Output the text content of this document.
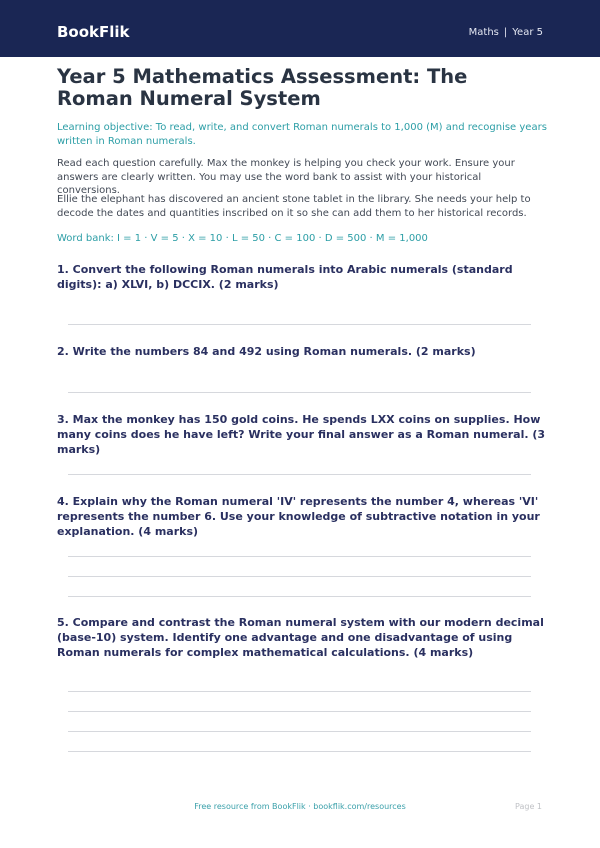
BookFlik	Maths | Year 5
Year 5 Mathematics Assessment: The Roman Numeral System

Learning objective: To read, write, and convert Roman numerals to 1,000 (M) and recognise years written in Roman numerals.

Read each question carefully. Max the monkey is helping you check your work. Ensure your answers are clearly written. You may use the word bank to assist with your historical conversions.

Ellie the elephant has discovered an ancient stone tablet in the library. She needs your help to decode the dates and quantities inscribed on it so she can add them to her historical records.

Word bank: I = 1 · V = 5 · X = 10 · L = 50 · C = 100 · D = 500 · M = 1,000

1. Convert the following Roman numerals into Arabic numerals (standard digits): a) XLVI, b) DCCIX. (2 marks)

2. Write the numbers 84 and 492 using Roman numerals. (2 marks)

3. Max the monkey has 150 gold coins. He spends LXX coins on supplies. How many coins does he have left? Write your final answer as a Roman numeral. (3 marks)

4. Explain why the Roman numeral 'IV' represents the number 4, whereas 'VI' represents the number 6. Use your knowledge of subtractive notation in your explanation. (4 marks)

5. Compare and contrast the Roman numeral system with our modern decimal (base-10) system. Identify one advantage and one disadvantage of using Roman numerals for complex mathematical calculations. (4 marks)

Free resource from BookFlik · bookflik.com/resources	Page 1
